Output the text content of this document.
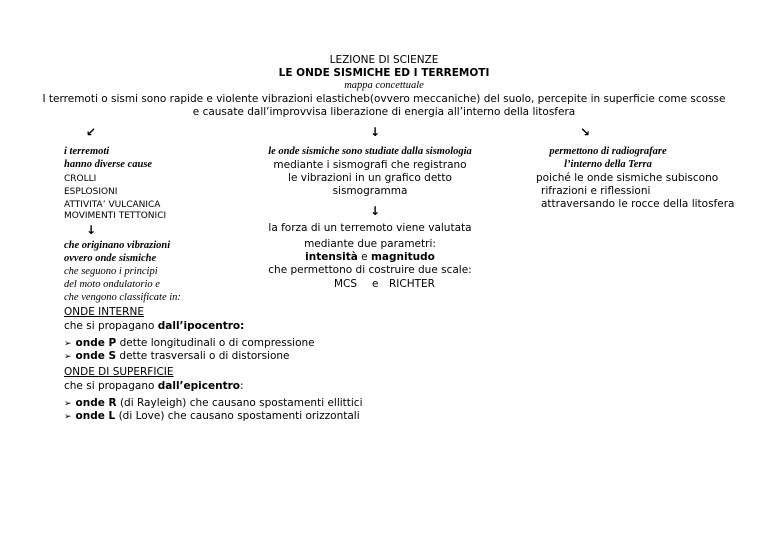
LEZIONE DI SCIENZE
LE ONDE SISMICHE ED I TERREMOTI
mappa concettuale
I terremoti o sismi sono rapide e violente vibrazioni elasticheb(ovvero meccaniche) del suolo, percepite in superficie come scosse
e causate dall’improvvisa liberazione di energia all’interno della litosfera
↙	↓	↘
i terremoti
hanno diverse cause
CROLLI
ESPLOSIONI
ATTIVITA’ VULCANICA
MOVIMENTI TETTONICI
↓
che originano vibrazioni
ovvero onde sismiche
che seguono i principi
del moto ondulatorio e
che vengono classificate in:
le onde sismiche sono studiate dalla sismologia
mediante i sismografi che registrano
le vibrazioni in un grafico detto
sismogramma
↓
la forza di un terremoto viene valutata
mediante due parametri:
intensità e magnitudo
che permettono di costruire due scale:
MCS e RICHTER
permettono di radiografare
l’interno della Terra
poiché le onde sismiche subiscono
rifrazioni e riflessioni
attraversando le rocce della litosfera
ONDE INTERNE
che si propagano dall’ipocentro:
➢ onde P dette longitudinali o di compressione
➢ onde S dette trasversali o di distorsione
ONDE DI SUPERFICIE
che si propagano dall’epicentro:
➢ onde R (di Rayleigh) che causano spostamenti ellittici
➢ onde L (di Love) che causano spostamenti orizzontali
